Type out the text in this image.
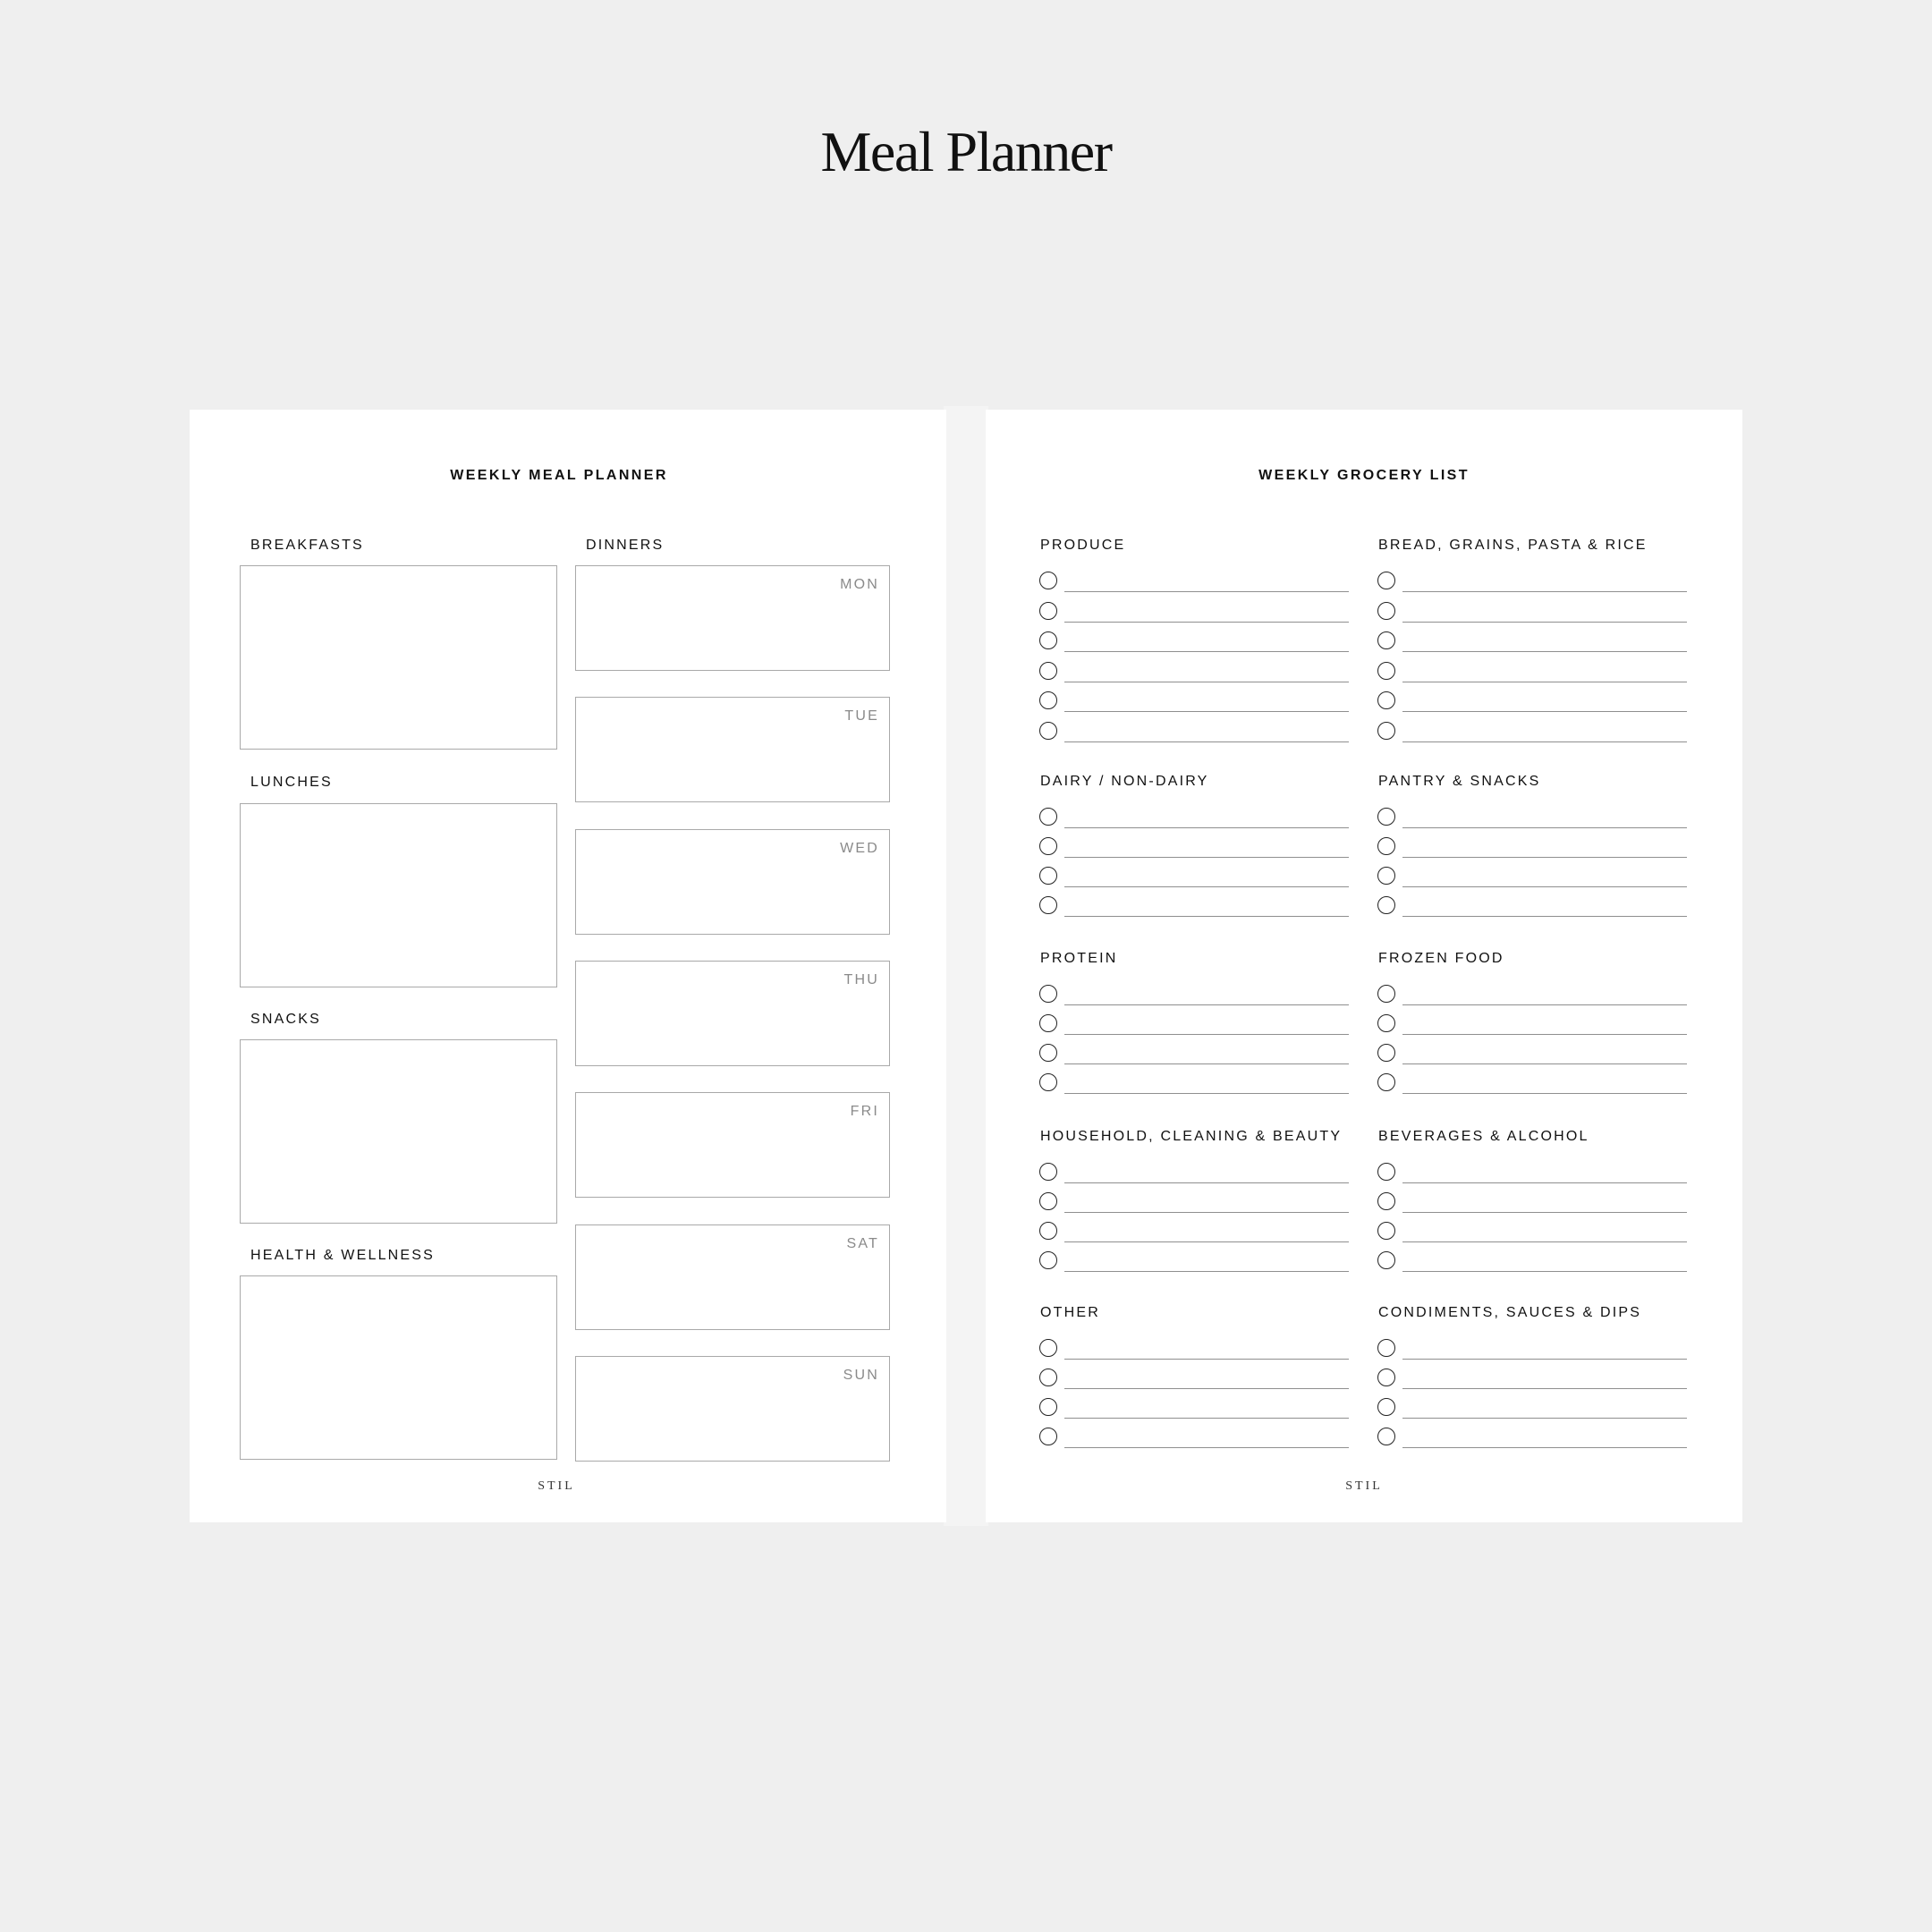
Meal Planner
WEEKLY MEAL PLANNER
BREAKFASTS
LUNCHES
SNACKS
HEALTH & WELLNESS
DINNERS
MON
TUE
WED
THU
FRI
SAT
SUN
STIL
WEEKLY GROCERY LIST
PRODUCE	BREAD, GRAINS, PASTA & RICE
DAIRY / NON-DAIRY	PANTRY & SNACKS
PROTEIN	FROZEN FOOD
HOUSEHOLD, CLEANING & BEAUTY	BEVERAGES & ALCOHOL
OTHER	CONDIMENTS, SAUCES & DIPS
STIL
